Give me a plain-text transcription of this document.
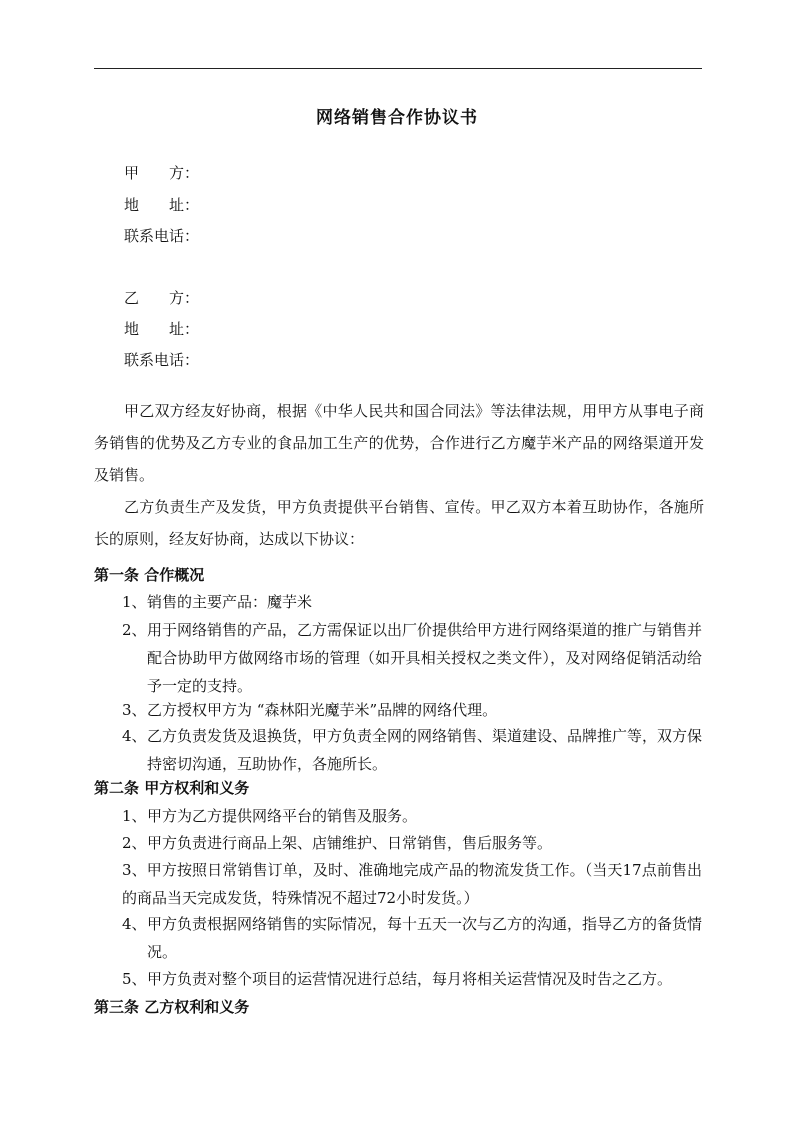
网络销售合作协议书
甲　　方：
地　　址：
联系电话：
乙　　方：
地　　址：
联系电话：
甲乙双方经友好协商，根据《中华人民共和国合同法》等法律法规，用甲方从事电子商务销售的优势及乙方专业的食品加工生产的优势，合作进行乙方魔芋米产品的网络渠道开发及销售。
乙方负责生产及发货，甲方负责提供平台销售、宣传。甲乙双方本着互助协作，各施所长的原则，经友好协商，达成以下协议：
第一条 合作概况
1、 销售的主要产品：魔芋米
2、 用于网络销售的产品，乙方需保证以出厂价提供给甲方进行网络渠道的推广与销售并配合协助甲方做网络市场的管理（如开具相关授权之类文件），及对网络促销活动给予一定的支持。
3、 乙方授权甲方为 “森林阳光魔芋米”品牌的网络代理。
4、 乙方负责发货及退换货，甲方负责全网的网络销售、渠道建设、品牌推广等，双方保持密切沟通，互助协作，各施所长。
第二条 甲方权利和义务
1、 甲方为乙方提供网络平台的销售及服务。
2、 甲方负责进行商品上架、店铺维护、日常销售，售后服务等。
3、甲方按照日常销售订单，及时、准确地完成产品的物流发货工作。（当天17点前售出的商品当天完成发货，特殊情况不超过72小时发货。）
4、 甲方负责根据网络销售的实际情况，每十五天一次与乙方的沟通，指导乙方的备货情况。
5、 甲方负责对整个项目的运营情况进行总结，每月将相关运营情况及时告之乙方。
第三条 乙方权利和义务
